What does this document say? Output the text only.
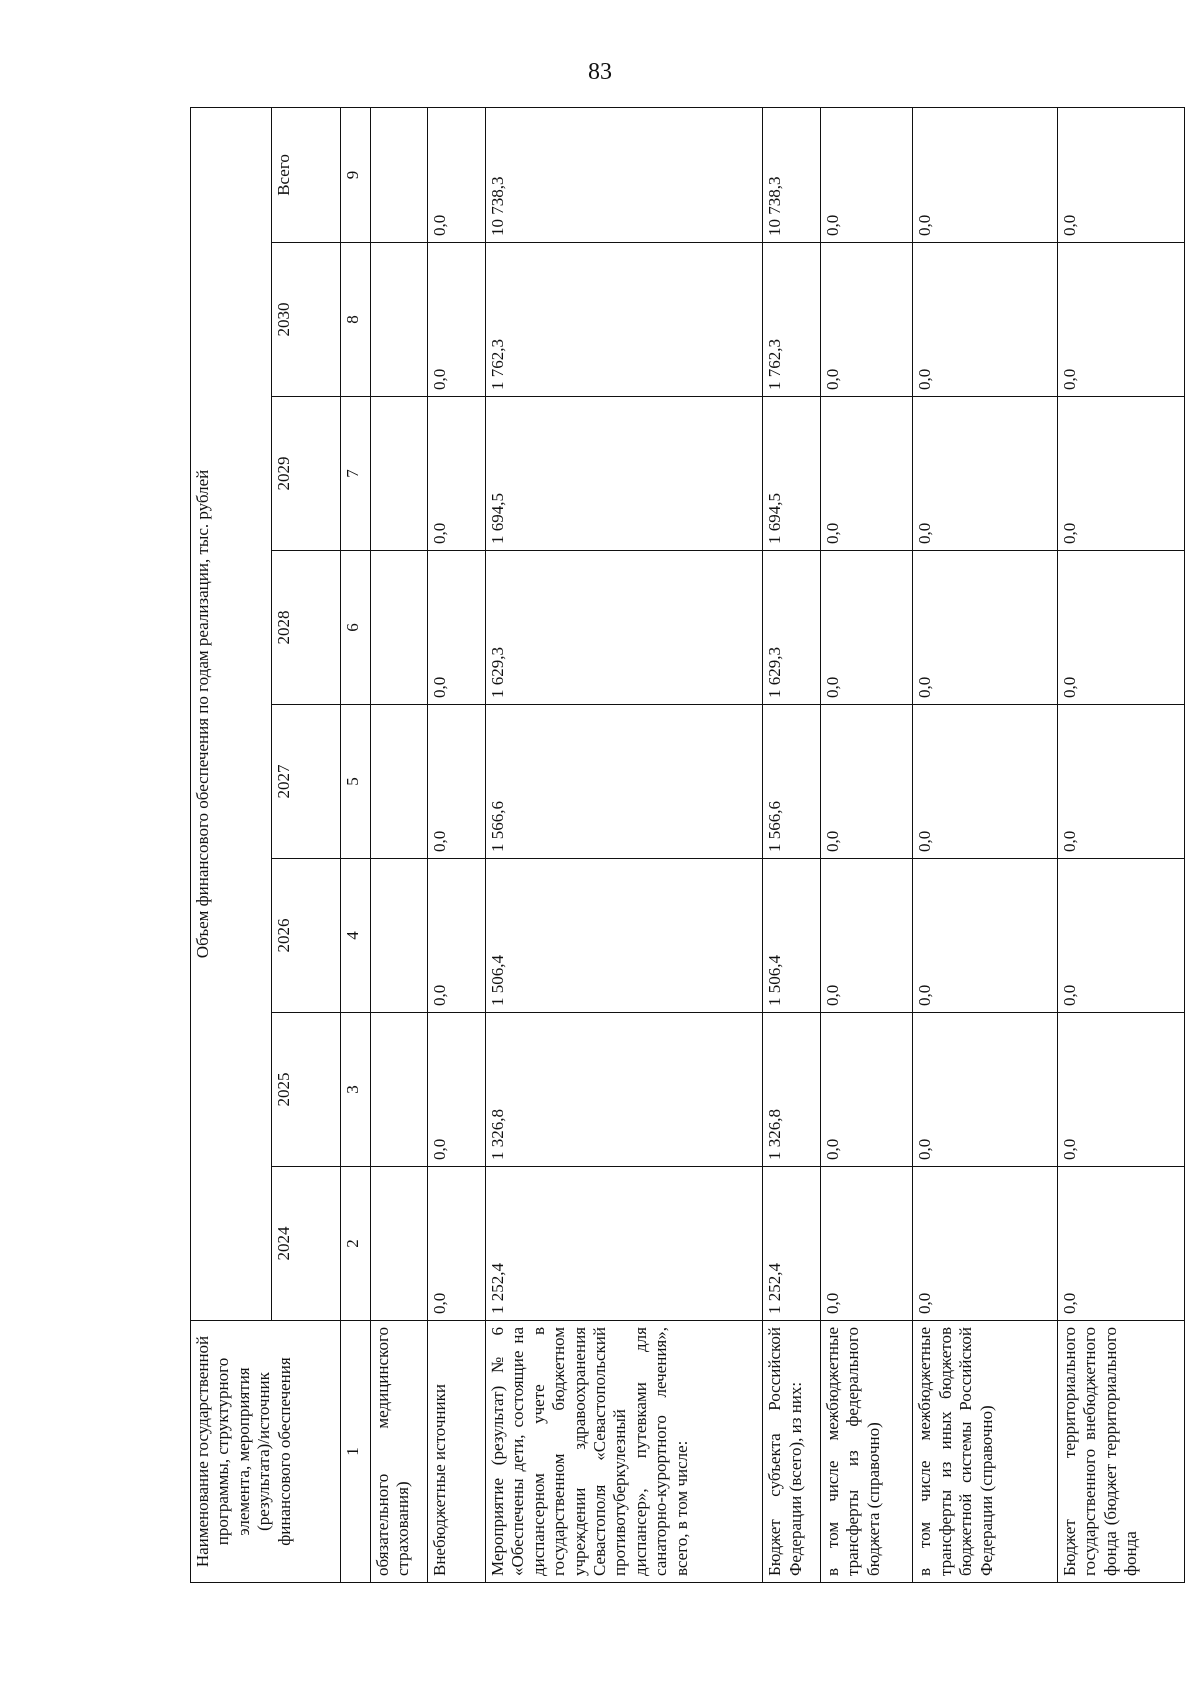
83
Наименование государственной программы, структурного элемента, мероприятия (результата)/источник финансового обеспечения	Объем финансового обеспечения по годам реализации, тыс. рублей							
	2024	2025	2026	2027	2028	2029	2030	Всего
1	2	3	4	5	6	7	8	9
обязательного медицинского страхования)								
Внебюджетные источники	0,0	0,0	0,0	0,0	0,0	0,0	0,0	0,0
Мероприятие (результат) № 6 «Обеспечены дети, состоящие на диспансерном учете в государственном бюджетном учреждении здравоохранения Севастополя «Севастопольский противотуберкулезный диспансер», путевками для санаторно-курортного лечения», всего, в том числе:	1 252,4	1 326,8	1 506,4	1 566,6	1 629,3	1 694,5	1 762,3	10 738,3
Бюджет субъекта Российской Федерации (всего), из них:	1 252,4	1 326,8	1 506,4	1 566,6	1 629,3	1 694,5	1 762,3	10 738,3
в том числе межбюджетные трансферты из федерального бюджета (справочно)	0,0	0,0	0,0	0,0	0,0	0,0	0,0	0,0
в том числе межбюджетные трансферты из иных бюджетов бюджетной системы Российской Федерации (справочно)	0,0	0,0	0,0	0,0	0,0	0,0	0,0	0,0
Бюджет территориального государственного внебюджетного фонда (бюджет территориального фонда	0,0	0,0	0,0	0,0	0,0	0,0	0,0	0,0
